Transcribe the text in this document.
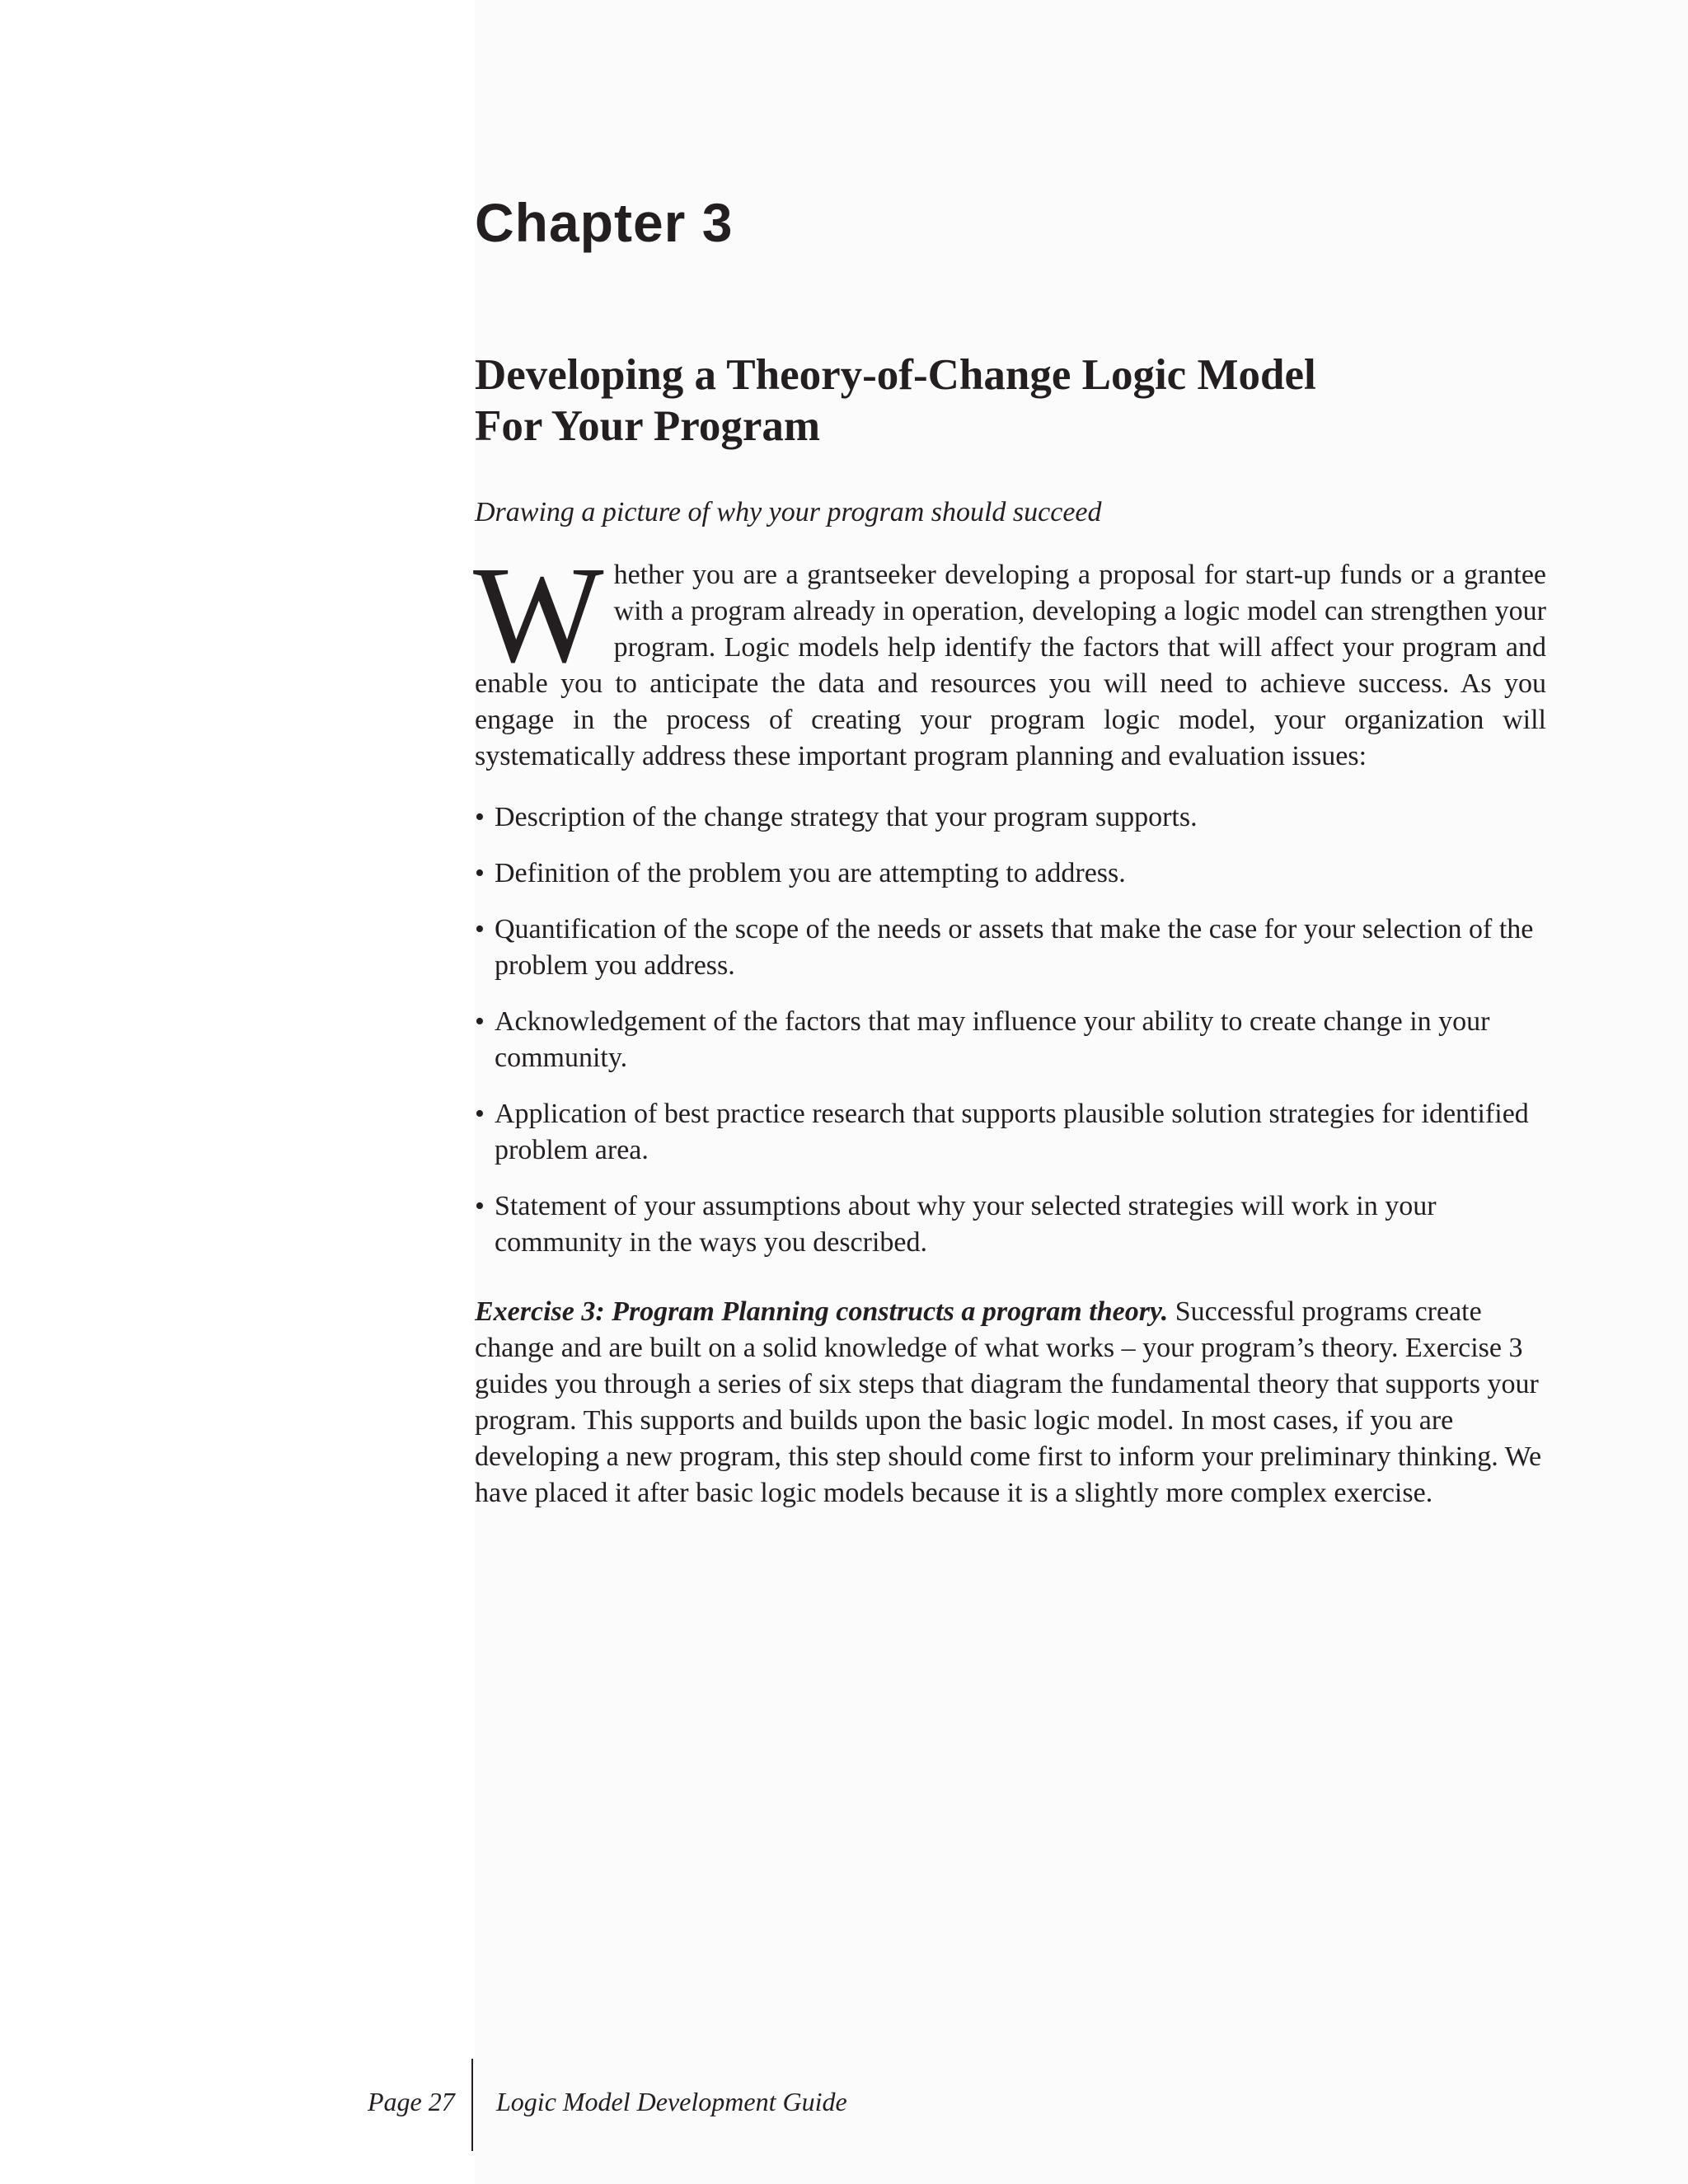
Chapter 3
Developing a Theory-of-Change Logic Model
For Your Program

Drawing a picture of why your program should succeed

Whether you are a grantseeker developing a proposal for start-up funds or a grantee with a program already in operation, developing a logic model can strengthen your program. Logic models help identify the factors that will affect your program and enable you to anticipate the data and resources you will need to achieve success. As you engage in the process of creating your program logic model, your organization will systematically address these important program planning and evaluation issues:

• Description of the change strategy that your program supports.
• Definition of the problem you are attempting to address.
• Quantification of the scope of the needs or assets that make the case for your selection of the problem you address.
• Acknowledgement of the factors that may influence your ability to create change in your community.
• Application of best practice research that supports plausible solution strategies for identified problem area.
• Statement of your assumptions about why your selected strategies will work in your community in the ways you described.

Exercise 3: Program Planning constructs a program theory. Successful programs create change and are built on a solid knowledge of what works – your program’s theory. Exercise 3 guides you through a series of six steps that diagram the fundamental theory that supports your program. This supports and builds upon the basic logic model. In most cases, if you are developing a new program, this step should come first to inform your preliminary thinking. We have placed it after basic logic models because it is a slightly more complex exercise.

Page 27	Logic Model Development Guide
